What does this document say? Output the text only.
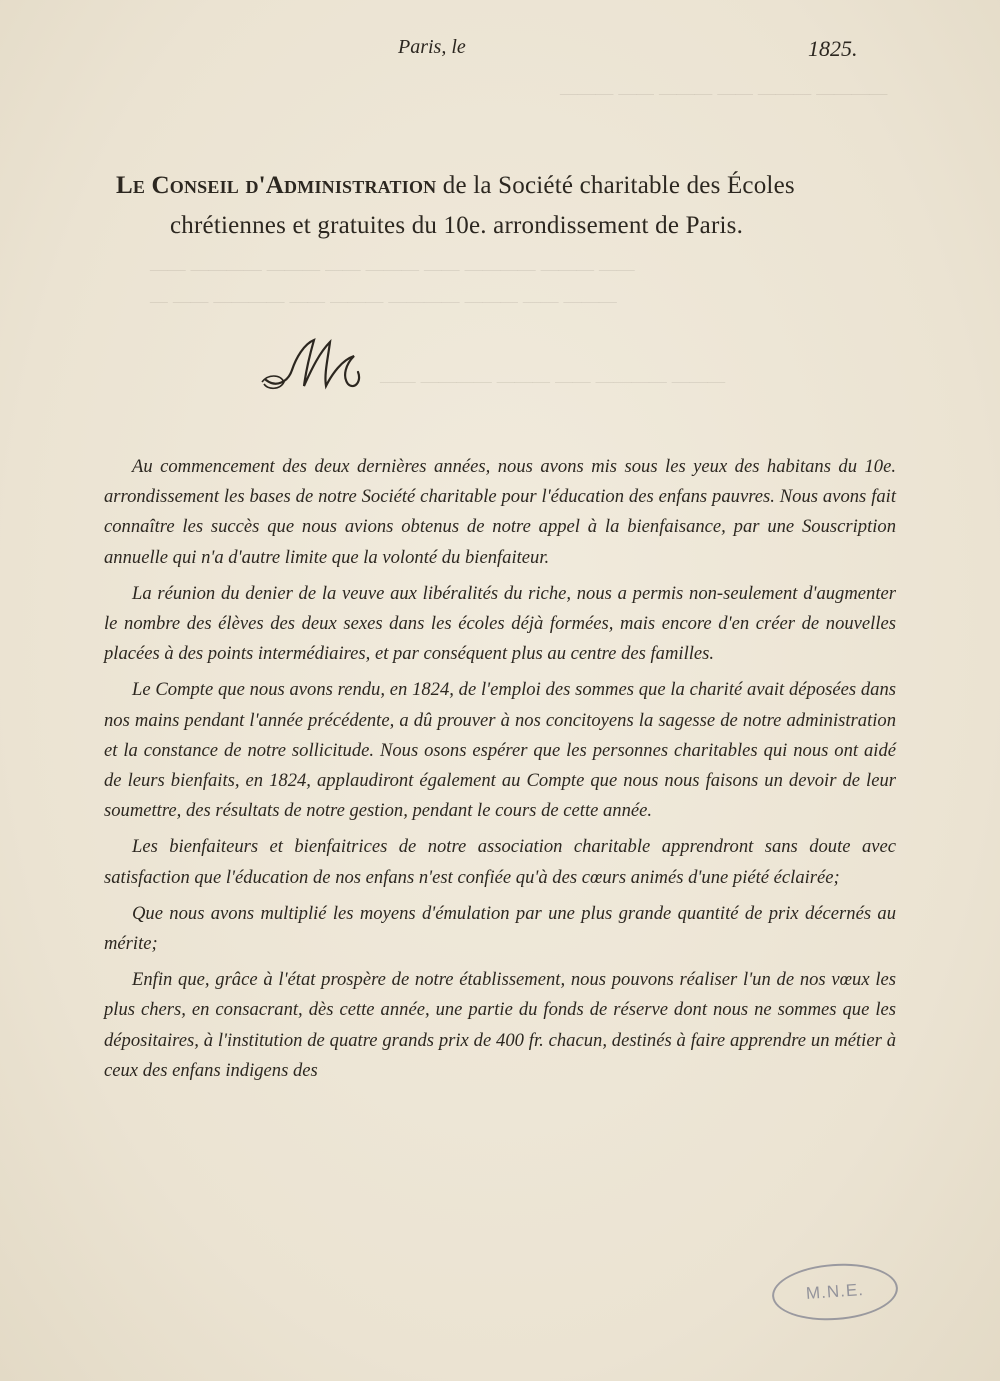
———— ——— —— ——— —— ———
—— ——— ———— —— ——— —— ——— ———— ——
——— —— ——— ———— ——— —— ———— —— —
——— ———— —— ——— ———— ——
Paris, le	1825.
Le Conseil d'Administration de la Société charitable des Écoles
chrétiennes et gratuites du 10e. arrondissement de Paris.

Au commencement des deux dernières années, nous avons mis sous les yeux des habitans du 10e. arrondissement les bases de notre Société charitable pour l'éducation des enfans pauvres. Nous avons fait connaître les succès que nous avions obtenus de notre appel à la bienfaisance, par une Souscription annuelle qui n'a d'autre limite que la volonté du bienfaiteur.

La réunion du denier de la veuve aux libéralités du riche, nous a permis non-seulement d'augmenter le nombre des élèves des deux sexes dans les écoles déjà formées, mais encore d'en créer de nouvelles placées à des points intermédiaires, et par conséquent plus au centre des familles.

Le Compte que nous avons rendu, en 1824, de l'emploi des sommes que la charité avait déposées dans nos mains pendant l'année précédente, a dû prouver à nos concitoyens la sagesse de notre administration et la constance de notre sollicitude. Nous osons espérer que les personnes charitables qui nous ont aidé de leurs bienfaits, en 1824, applaudiront également au Compte que nous nous faisons un devoir de leur soumettre, des résultats de notre gestion, pendant le cours de cette année.

Les bienfaiteurs et bienfaitrices de notre association charitable apprendront sans doute avec satisfaction que l'éducation de nos enfans n'est confiée qu'à des cœurs animés d'une piété éclairée;

Que nous avons multiplié les moyens d'émulation par une plus grande quantité de prix décernés au mérite;

Enfin que, grâce à l'état prospère de notre établissement, nous pouvons réaliser l'un de nos vœux les plus chers, en consacrant, dès cette année, une partie du fonds de réserve dont nous ne sommes que les dépositaires, à l'institution de quatre grands prix de 400 fr. chacun, destinés à faire apprendre un métier à ceux des enfans indigens des

M.N.E.
